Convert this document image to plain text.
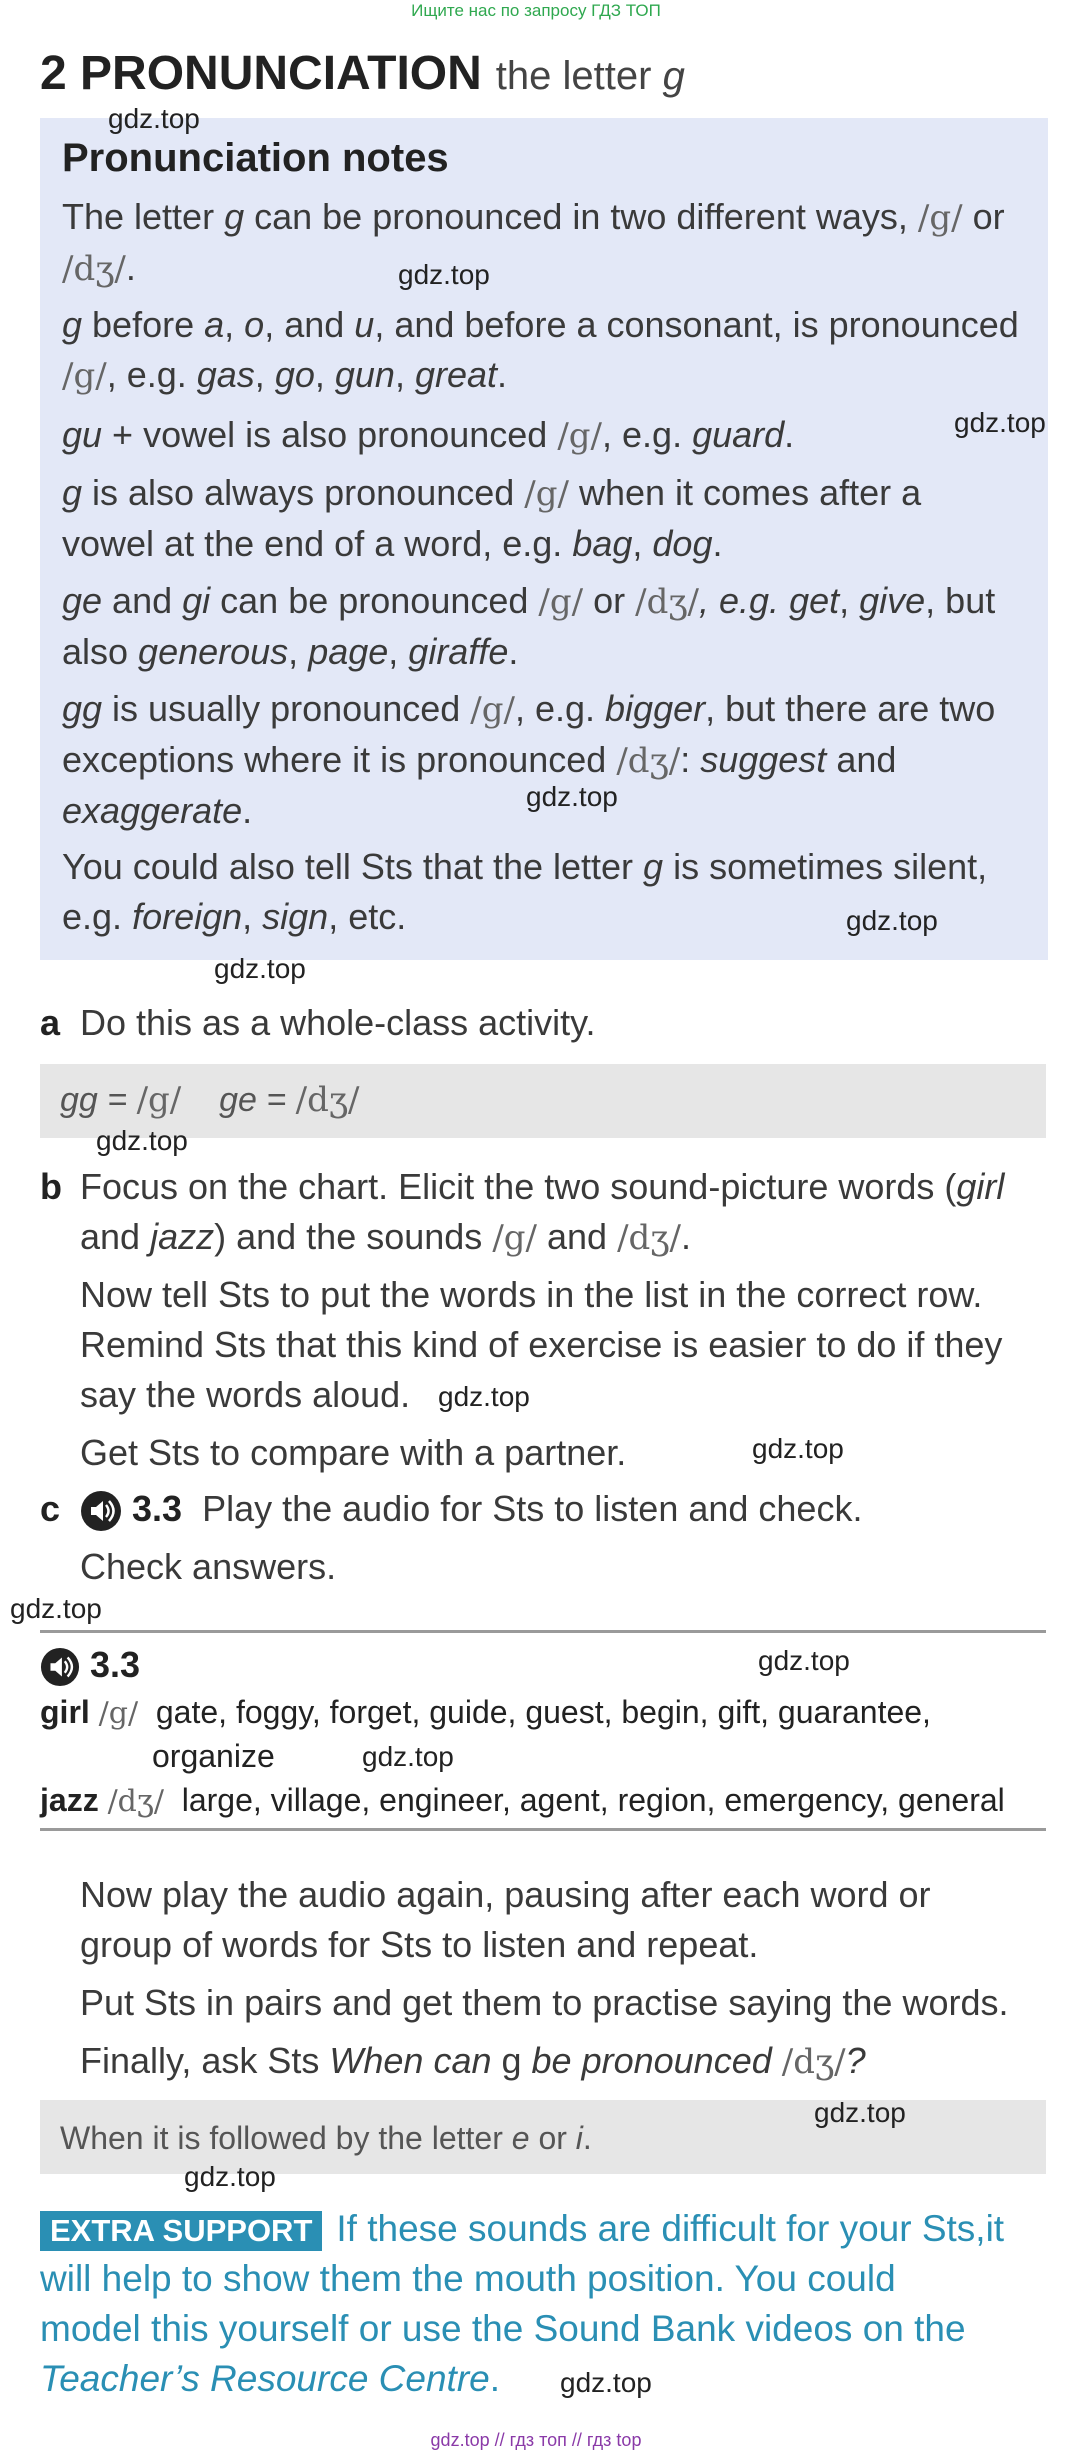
Ищите нас по запросу ГДЗ ТОП
2 PRONUNCIATION the letter g
Pronunciation notes
The letter g can be pronounced in two different ways, /g/ or /dʒ/.
g before a, o, and u, and before a consonant, is pronounced /g/, e.g. gas, go, gun, great.
gu + vowel is also pronounced /g/, e.g. guard.
g is also always pronounced /g/ when it comes after a vowel at the end of a word, e.g. bag, dog.
ge and gi can be pronounced /g/ or /dʒ/, e.g. get, give, but also generous, page, giraffe.
gg is usually pronounced /g/, e.g. bigger, but there are two exceptions where it is pronounced /dʒ/: suggest and exaggerate.
You could also tell Sts that the letter g is sometimes silent, e.g. foreign, sign, etc.
gdz.top
gdz.top
gdz.top
gdz.top
gdz.top
gdz.top
a Do this as a whole-class activity.
gg = /g/ ge = /dʒ/
gdz.top
b Focus on the chart. Elicit the two sound-picture words (girl
and jazz) and the sounds /g/ and /dʒ/.
Now tell Sts to put the words in the list in the correct row.
Remind Sts that this kind of exercise is easier to do if they
say the words aloud. gdz.top
Get Sts to compare with a partner.	gdz.top
c 3.3 Play the audio for Sts to listen and check.
Check answers.
gdz.top
3.3	gdz.top
girl /g/ gate, foggy, forget, guide, guest, begin, gift, guarantee,
organize	gdz.top
jazz /dʒ/ large, village, engineer, agent, region, emergency, general
Now play the audio again, pausing after each word or
group of words for Sts to listen and repeat.
Put Sts in pairs and get them to practise saying the words.
Finally, ask Sts When can g be pronounced /dʒ/?
When it is followed by the letter e or i.
gdz.top
gdz.top
EXTRA SUPPORT If these sounds are difficult for your Sts,it
will help to show them the mouth position. You could
model this yourself or use the Sound Bank videos on the
Teacher’s Resource Centre.	gdz.top
gdz.top // гдз топ // гдз top
